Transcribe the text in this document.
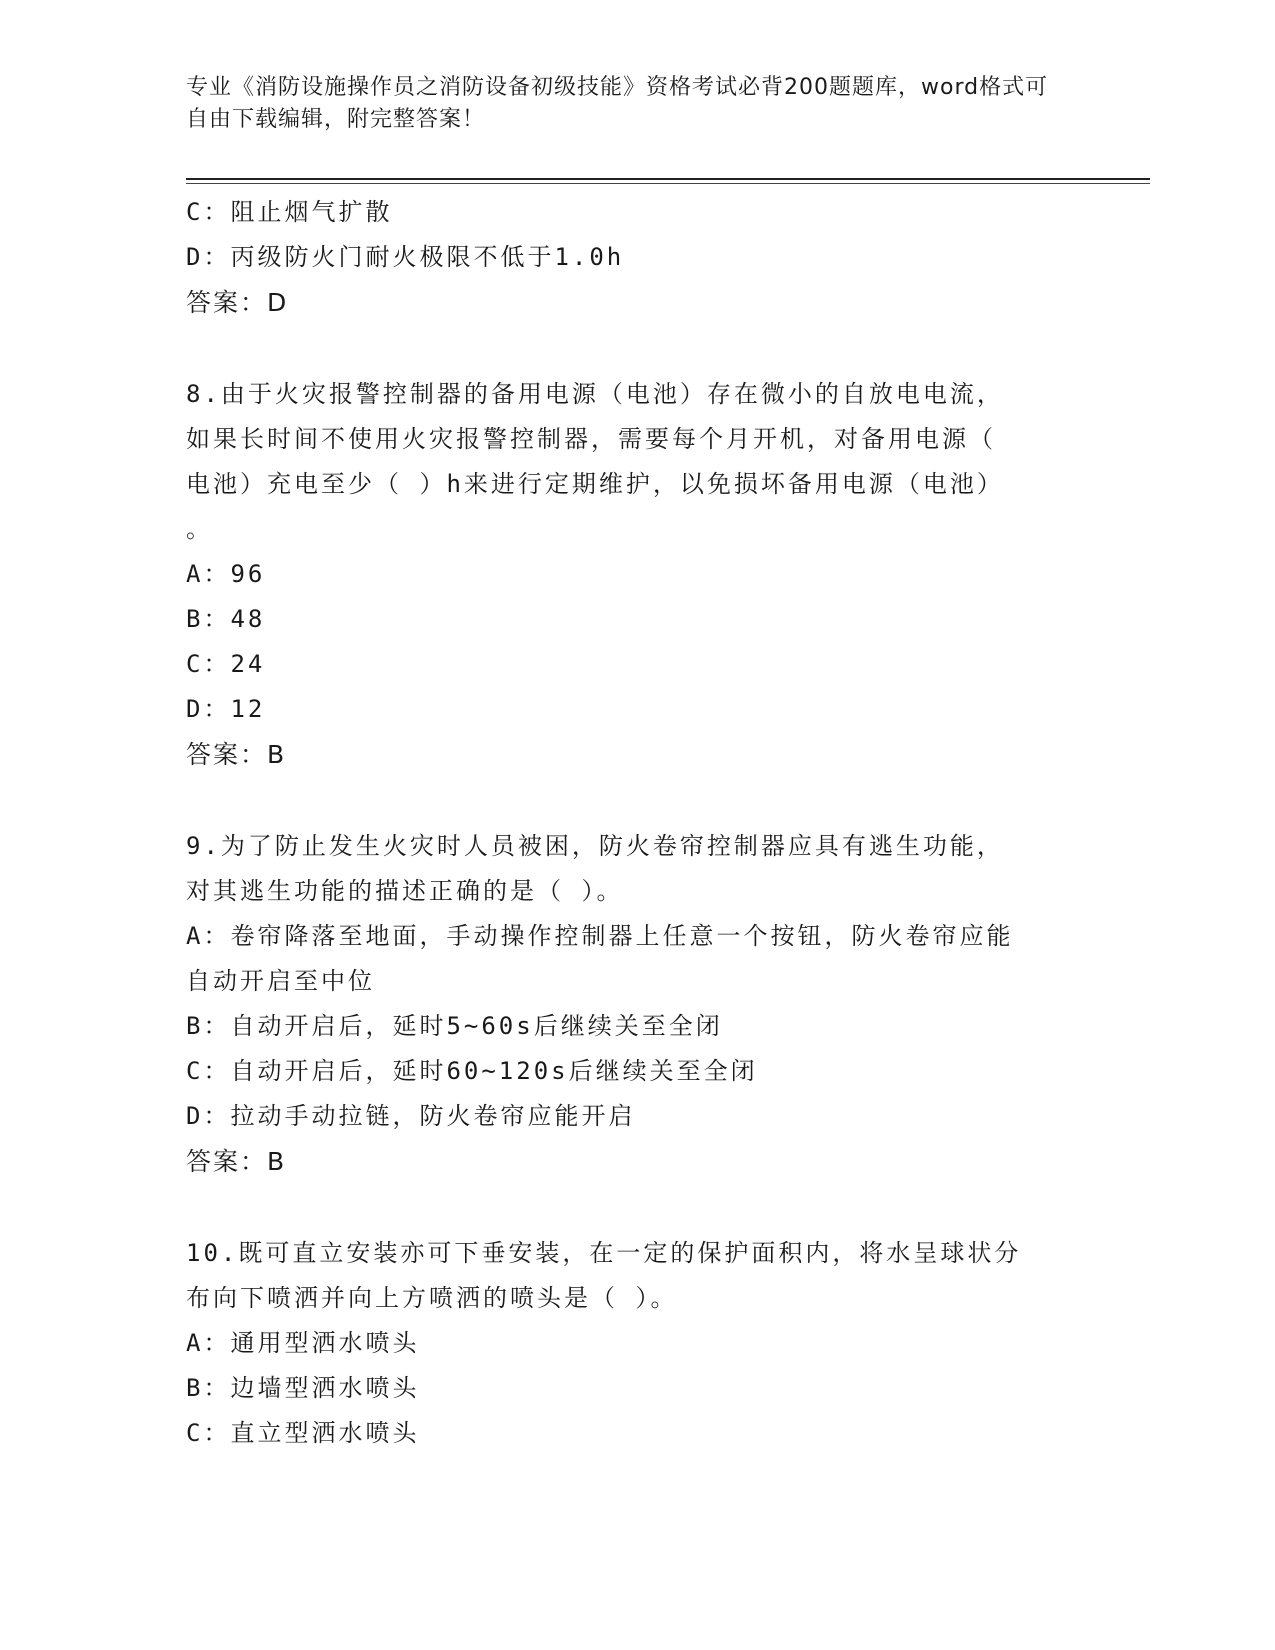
专业《消防设施操作员之消防设备初级技能》资格考试必背200题题库，word格式可自由下载编辑，附完整答案！
C：阻止烟气扩散
D：丙级防火门耐火极限不低于1.0h
答案：D
8.由于火灾报警控制器的备用电源（电池）存在微小的自放电电流，
如果长时间不使用火灾报警控制器，需要每个月开机，对备用电源（
电池）充电至少（ ）h来进行定期维护，以免损坏备用电源（电池）
。
A：96
B：48
C：24
D：12
答案：B
9.为了防止发生火灾时人员被困，防火卷帘控制器应具有逃生功能，
对其逃生功能的描述正确的是（ ）。
A：卷帘降落至地面，手动操作控制器上任意一个按钮，防火卷帘应能
自动开启至中位
B：自动开启后，延时5~60s后继续关至全闭
C：自动开启后，延时60~120s后继续关至全闭
D：拉动手动拉链，防火卷帘应能开启
答案：B
10.既可直立安装亦可下垂安装，在一定的保护面积内，将水呈球状分
布向下喷洒并向上方喷洒的喷头是（ ）。
A：通用型洒水喷头
B：边墙型洒水喷头
C：直立型洒水喷头
